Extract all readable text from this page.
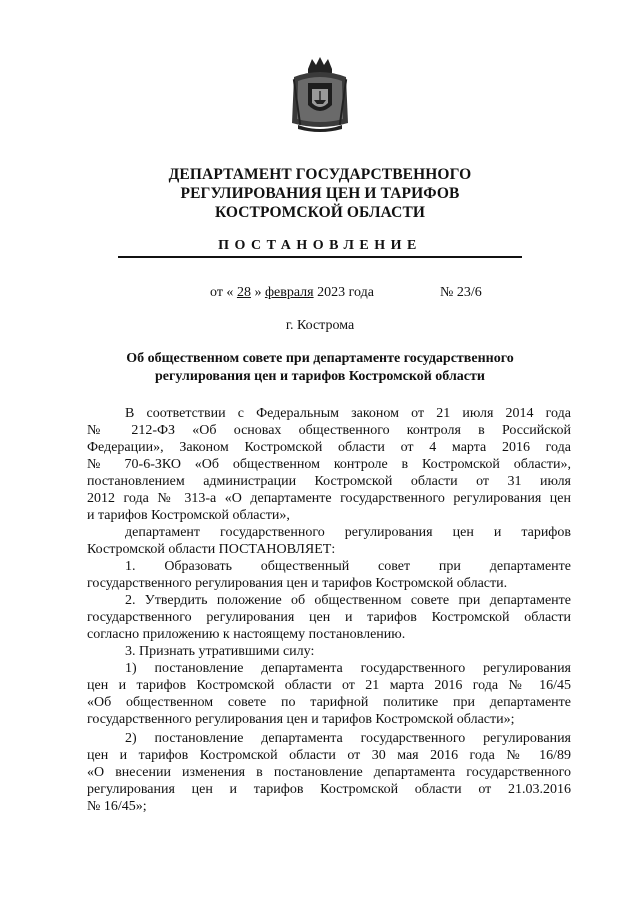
ДЕПАРТАМЕНТ ГОСУДАРСТВЕННОГО
РЕГУЛИРОВАНИЯ ЦЕН И ТАРИФОВ
КОСТРОМСКОЙ ОБЛАСТИ
ПОСТАНОВЛЕНИЕ
от « 28 » февраля 2023 года	№ 23/6
г. Кострома
Об общественном совете при департаменте государственного
регулирования цен и тарифов Костромской области
В соответствии с Федеральным законом от 21 июля 2014 года
№ 212-ФЗ «Об основах общественного контроля в Российской
Федерации», Законом Костромской области от 4 марта 2016 года
№ 70-6-ЗКО «Об общественном контроле в Костромской области»,
постановлением администрации Костромской области от 31 июля
2012 года № 313-а «О департаменте государственного регулирования цен
и тарифов Костромской области»,
департамент государственного регулирования цен и тарифов
Костромской области ПОСТАНОВЛЯЕТ:
1. Образовать общественный совет при департаменте
государственного регулирования цен и тарифов Костромской области.
2. Утвердить положение об общественном совете при департаменте
государственного регулирования цен и тарифов Костромской области
согласно приложению к настоящему постановлению.
3. Признать утратившими силу:
1) постановление департамента государственного регулирования
цен и тарифов Костромской области от 21 марта 2016 года № 16/45
«Об общественном совете по тарифной политике при департаменте
государственного регулирования цен и тарифов Костромской области»;
2) постановление департамента государственного регулирования
цен и тарифов Костромской области от 30 мая 2016 года № 16/89
«О внесении изменения в постановление департамента государственного
регулирования цен и тарифов Костромской области от 21.03.2016
№ 16/45»;
